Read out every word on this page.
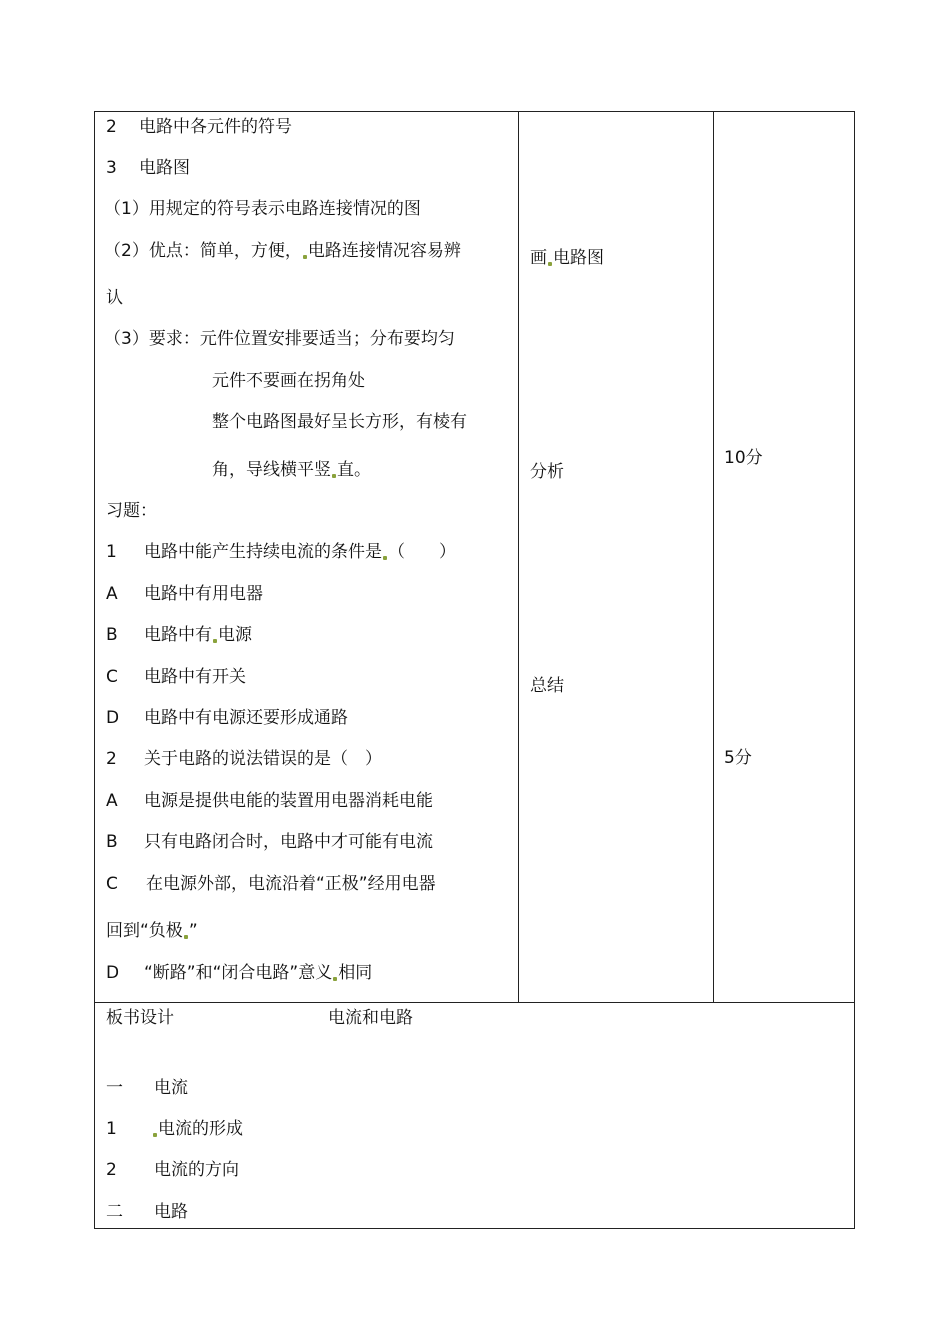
2 电路中各元件的符号
3 电路图
（1）用规定的符号表示电路连接情况的图
（2）优点：简单，方便， 电路连接情况容易辨
认
（3）要求：元件位置安排要适当；分布要均匀
元件不要画在拐角处
整个电路图最好呈长方形，有棱有
角，导线横平竖 直。
习题：
1 电路中能产生持续电流的条件是 （　　）
A 电路中有用电器
B 电路中有 电源
C 电路中有开关
D 电路中有电源还要形成通路
2 关于电路的说法错误的是（　）
A 电源是提供电能的装置用电器消耗电能
B 只有电路闭合时，电路中才可能有电流
C 在电源外部，电流沿着“正极”经用电器
回到“负极 ”
D “断路”和“闭合电路”意义 相同
画 电路图
分析
总结
10分
5分
板书设计	电流和电路
一 电流
1	电流的形成
2 电流的方向
二 电路
